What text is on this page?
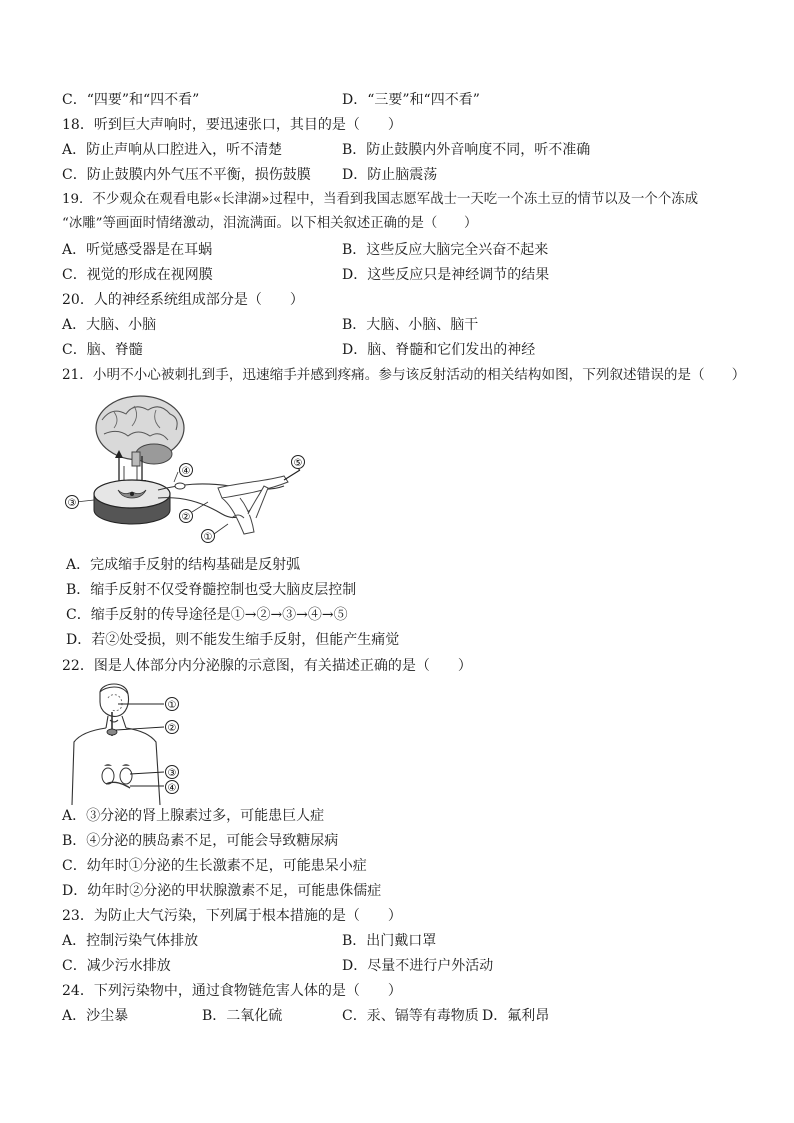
C．“四要”和“四不看”	D．“三要”和“四不看”
18．听到巨大声响时，要迅速张口，其目的是（　　）
A．防止声响从口腔进入，听不清楚	B．防止鼓膜内外音响度不同，听不准确
C．防止鼓膜内外气压不平衡，损伤鼓膜 D．防止脑震荡
19．不少观众在观看电影«长津湖»过程中，当看到我国志愿军战士一天吃一个冻土豆的情节以及一个个冻成
“冰雕”等画面时情绪激动，泪流满面。以下相关叙述正确的是（　　）
A．听觉感受器是在耳蜗	B．这些反应大脑完全兴奋不起来
C．视觉的形成在视网膜	D．这些反应只是神经调节的结果
20．人的神经系统组成部分是（　　）
A．大脑、小脑	B．大脑、小脑、脑干
C．脑、脊髓	D．脑、脊髓和它们发出的神经
21．小明不小心被刺扎到手，迅速缩手并感到疼痛。参与该反射活动的相关结构如图，下列叙述错误的是（　　）
④
⑤
③
②
①
A．完成缩手反射的结构基础是反射弧
B．缩手反射不仅受脊髓控制也受大脑皮层控制
C．缩手反射的传导途径是①→②→③→④→⑤
D．若②处受损，则不能发生缩手反射，但能产生痛觉
22．图是人体部分内分泌腺的示意图，有关描述正确的是（　　）
①
②
③
④
A．③分泌的肾上腺素过多，可能患巨人症
B．④分泌的胰岛素不足，可能会导致糖尿病
C．幼年时①分泌的生长激素不足，可能患呆小症
D．幼年时②分泌的甲状腺激素不足，可能患侏儒症
23．为防止大气污染，下列属于根本措施的是（　　）
A．控制污染气体排放	B．出门戴口罩
C．减少污水排放	D．尽量不进行户外活动
24．下列污染物中，通过食物链危害人体的是（　　）
A．沙尘暴	B．二氧化硫	C．汞、镉等有毒物质 D．氟利昂
